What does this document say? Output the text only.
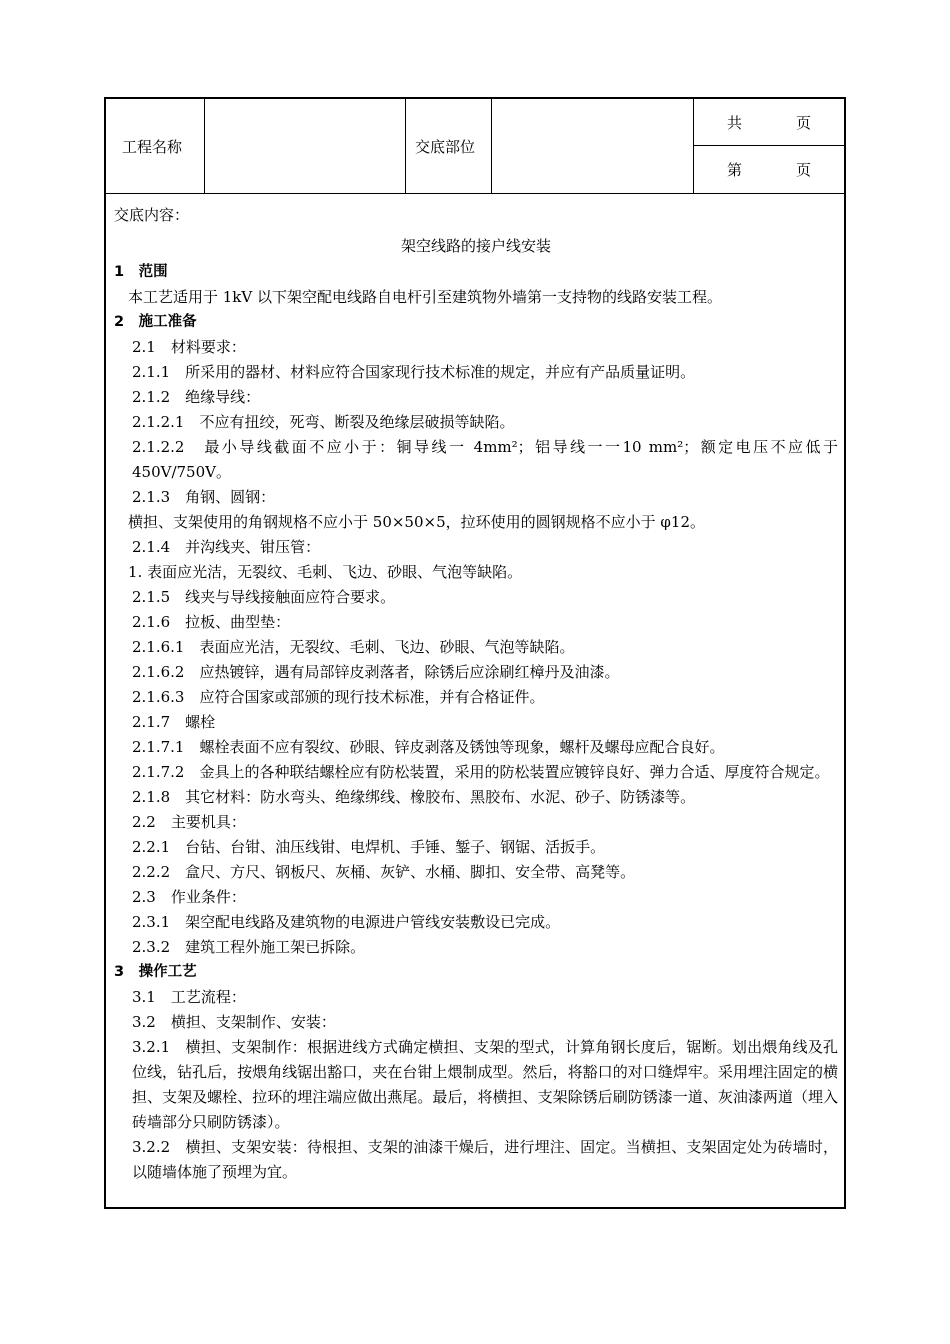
工程名称	交底部位
共	页
第	页

交底内容：

架空线路的接户线安装

1　范围

本工艺适用于 1kV 以下架空配电线路自电杆引至建筑物外墙第一支持物的线路安装工程。

2　施工准备

2.1　材料要求：

2.1.1　所采用的器材、材料应符合国家现行技术标准的规定，并应有产品质量证明。

2.1.2　绝缘导线：

2.1.2.1　不应有扭绞，死弯、断裂及绝缘层破损等缺陷。

2.1.2.2　最小导线截面不应小于：铜导线一 4mm²；铝导线一一10 mm²；额定电压不应低于 450V/750V。

2.1.3　角钢、圆钢：

横担、支架使用的角钢规格不应小于 50×50×5，拉环使用的圆钢规格不应小于 φ12。

2.1.4　并沟线夹、钳压管：

1. 表面应光洁，无裂纹、毛刺、飞边、砂眼、气泡等缺陷。

2.1.5　线夹与导线接触面应符合要求。

2.1.6　拉板、曲型垫：

2.1.6.1　表面应光洁，无裂纹、毛刺、飞边、砂眼、气泡等缺陷。

2.1.6.2　应热镀锌，遇有局部锌皮剥落者，除锈后应涂刷红樟丹及油漆。

2.1.6.3　应符合国家或部颁的现行技术标准，并有合格证件。

2.1.7　螺栓

2.1.7.1　螺栓表面不应有裂纹、砂眼、锌皮剥落及锈蚀等现象，螺杆及螺母应配合良好。

2.1.7.2　金具上的各种联结螺栓应有防松装置，采用的防松装置应镀锌良好、弹力合适、厚度符合规定。

2.1.8　其它材料：防水弯头、绝缘绑线、橡胶布、黑胶布、水泥、砂子、防锈漆等。

2.2　主要机具：

2.2.1　台钻、台钳、油压线钳、电焊机、手锤、錾子、钢锯、活扳手。

2.2.2　盒尺、方尺、钢板尺、灰桶、灰铲、水桶、脚扣、安全带、高凳等。

2.3　作业条件：

2.3.1　架空配电线路及建筑物的电源进户管线安装敷设已完成。

2.3.2　建筑工程外施工架已拆除。

3　操作工艺

3.1　工艺流程：

3.2　横担、支架制作、安装：

3.2.1　横担、支架制作：根据进线方式确定横担、支架的型式，计算角钢长度后，锯断。划出煨角线及孔位线，钻孔后，按煨角线锯出豁口，夹在台钳上煨制成型。然后，将豁口的对口缝焊牢。采用埋注固定的横担、支架及螺栓、拉环的埋注端应做出燕尾。最后，将横担、支架除锈后刷防锈漆一道、灰油漆两道（埋入砖墙部分只刷防锈漆）。

3.2.2　横担、支架安装：待根担、支架的油漆干燥后，进行埋注、固定。当横担、支架固定处为砖墙时，以随墙体施了预埋为宜。
